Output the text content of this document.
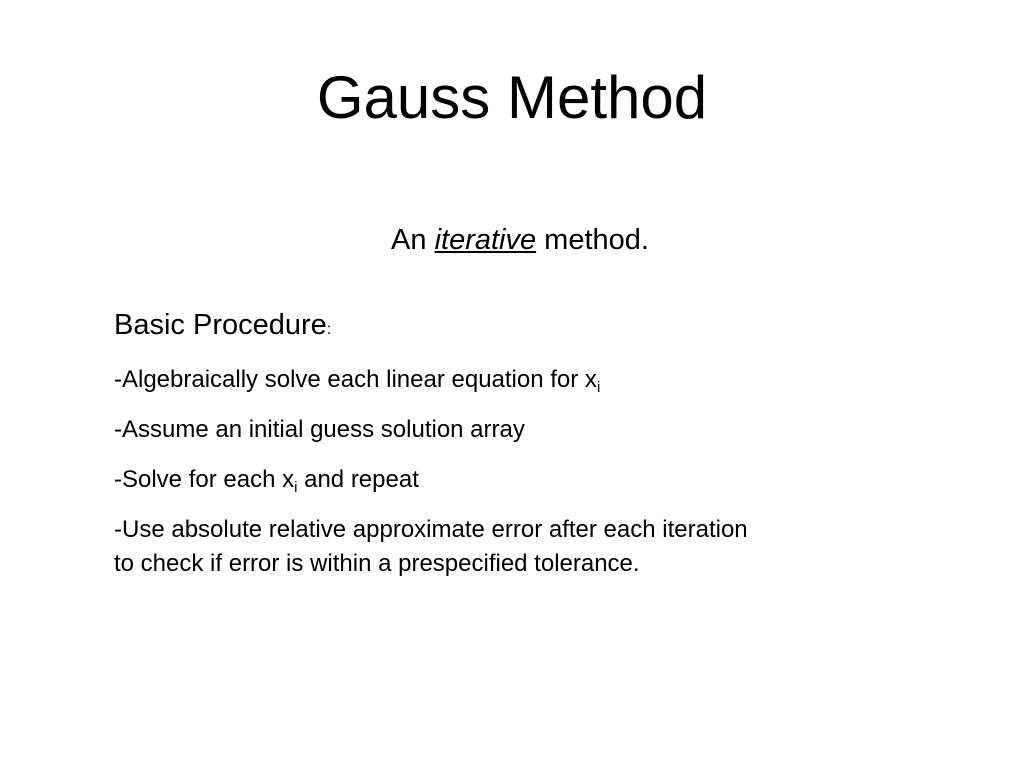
Gauss Method
An iterative method.
Basic Procedure:
-Algebraically solve each linear equation for $x_i$
-Assume an initial guess solution array
-Solve for each $x_i$ and repeat
-Use absolute relative approximate error after each iteration
to check if error is within a prespecified tolerance.
